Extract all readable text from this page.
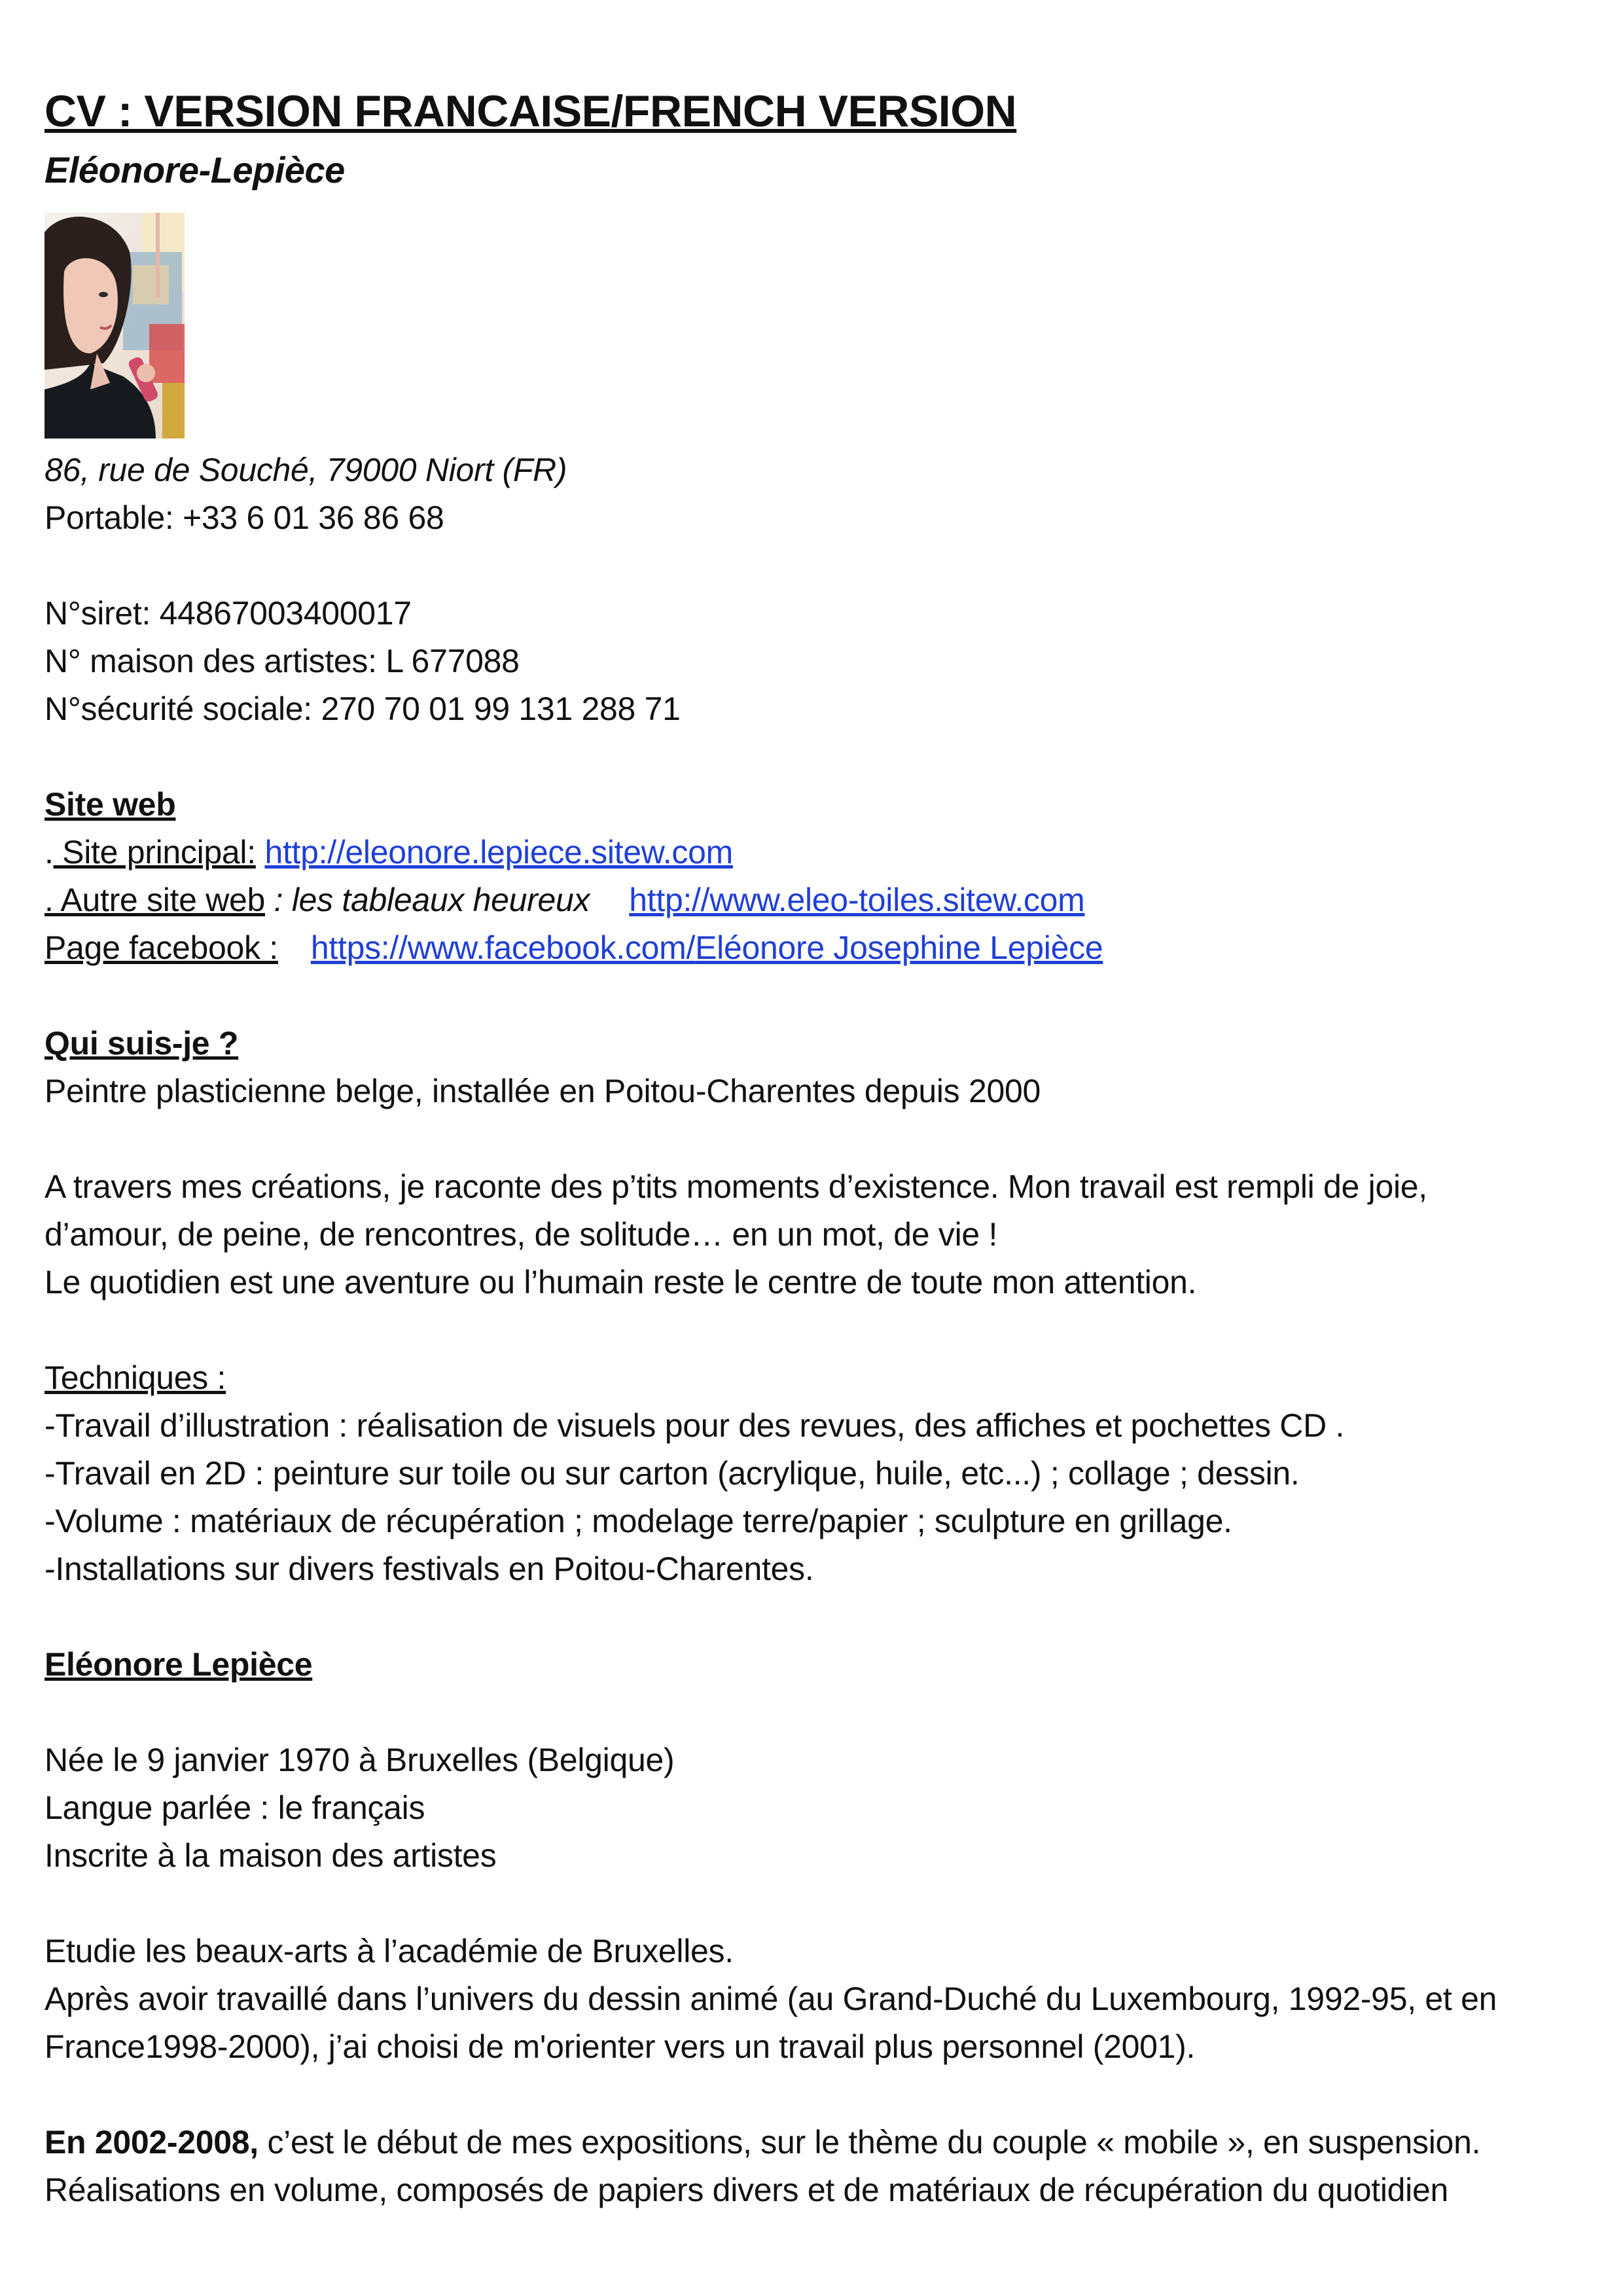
CV : VERSION FRANCAISE/FRENCH VERSION

Eléonore-Lepièce

86, rue de Souché, 79000 Niort (FR)

Portable: +33 6 01 36 86 68

N°siret: 44867003400017

N° maison des artistes: L 677088

N°sécurité sociale: 270 70 01 99 131 288 71

Site web

. Site principal: http://eleonore.lepiece.sitew.com

. Autre site web : les tableaux heureux http://www.eleo-toiles.sitew.com

Page facebook : https://www.facebook.com/Eléonore Josephine Lepièce

Qui suis-je ?

Peintre plasticienne belge, installée en Poitou-Charentes depuis 2000

A travers mes créations, je raconte des p’tits moments d’existence. Mon travail est rempli de joie,

d’amour, de peine, de rencontres, de solitude… en un mot, de vie !

Le quotidien est une aventure ou l’humain reste le centre de toute mon attention.

Techniques :

-Travail d’illustration : réalisation de visuels pour des revues, des affiches et pochettes CD .

-Travail en 2D : peinture sur toile ou sur carton (acrylique, huile, etc...) ; collage ; dessin.

-Volume : matériaux de récupération ; modelage terre/papier ; sculpture en grillage.

-Installations sur divers festivals en Poitou-Charentes.

Eléonore Lepièce

Née le 9 janvier 1970 à Bruxelles (Belgique)

Langue parlée : le français

Inscrite à la maison des artistes

Etudie les beaux-arts à l’académie de Bruxelles.

Après avoir travaillé dans l’univers du dessin animé (au Grand-Duché du Luxembourg, 1992-95, et en

France1998-2000), j’ai choisi de m'orienter vers un travail plus personnel (2001).

En 2002-2008, c’est le début de mes expositions, sur le thème du couple « mobile », en suspension.

Réalisations en volume, composés de papiers divers et de matériaux de récupération du quotidien
